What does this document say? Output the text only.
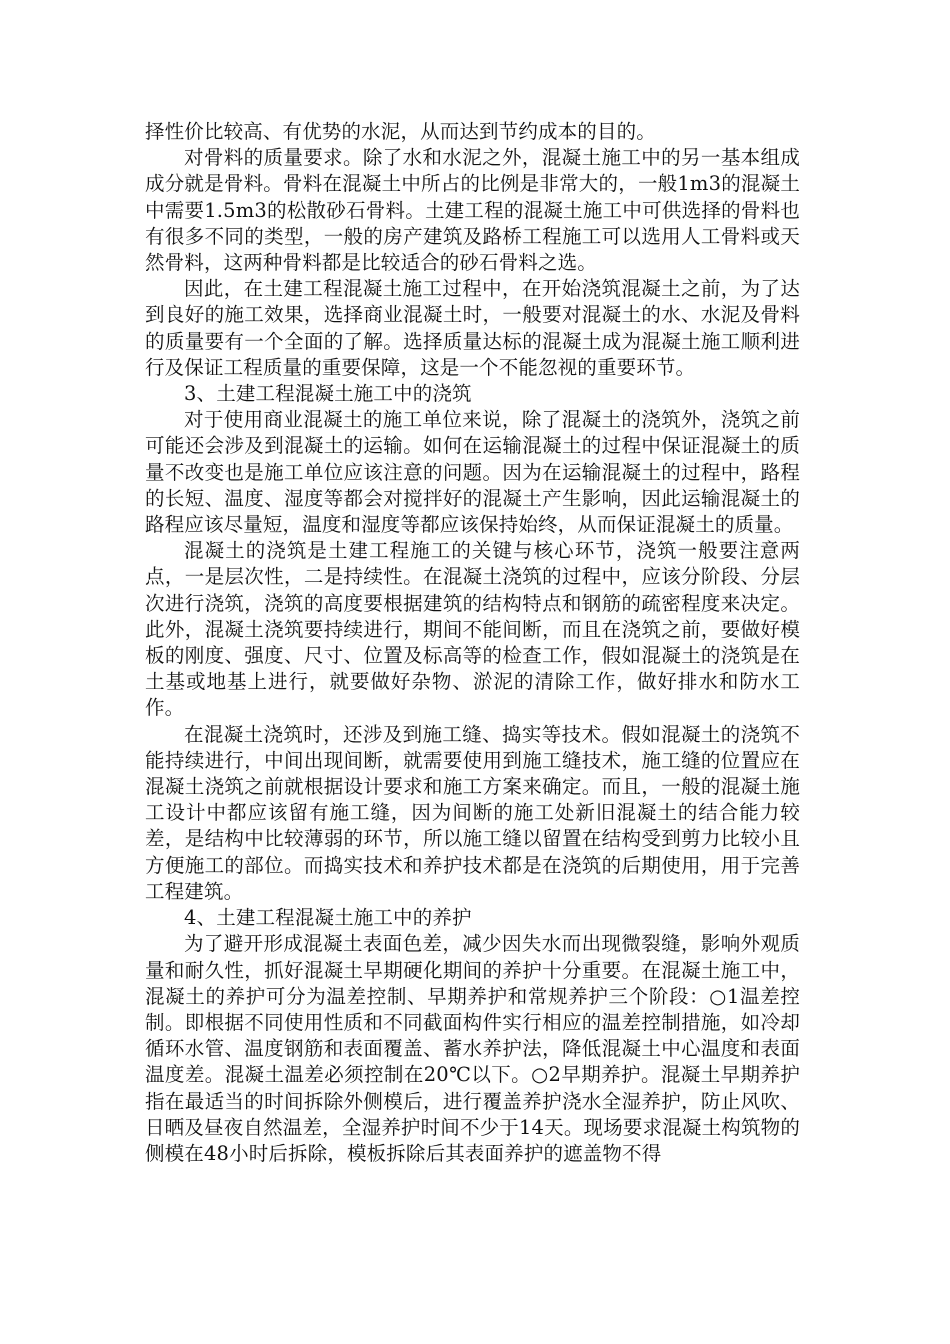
择性价比较高、有优势的水泥，从而达到节约成本的目的。

对骨料的质量要求。除了水和水泥之外，混凝土施工中的另一基本组成成分就是骨料。骨料在混凝土中所占的比例是非常大的，一般1m3的混凝土中需要1.5m3的松散砂石骨料。土建工程的混凝土施工中可供选择的骨料也有很多不同的类型，一般的房产建筑及路桥工程施工可以选用人工骨料或天然骨料，这两种骨料都是比较适合的砂石骨料之选。

因此，在土建工程混凝土施工过程中，在开始浇筑混凝土之前，为了达到良好的施工效果，选择商业混凝土时，一般要对混凝土的水、水泥及骨料的质量要有一个全面的了解。选择质量达标的混凝土成为混凝土施工顺利进行及保证工程质量的重要保障，这是一个不能忽视的重要环节。

3、土建工程混凝土施工中的浇筑

对于使用商业混凝土的施工单位来说，除了混凝土的浇筑外，浇筑之前可能还会涉及到混凝土的运输。如何在运输混凝土的过程中保证混凝土的质量不改变也是施工单位应该注意的问题。因为在运输混凝土的过程中，路程的长短、温度、湿度等都会对搅拌好的混凝土产生影响，因此运输混凝土的路程应该尽量短，温度和湿度等都应该保持始终，从而保证混凝土的质量。

混凝土的浇筑是土建工程施工的关键与核心环节，浇筑一般要注意两点，一是层次性，二是持续性。在混凝土浇筑的过程中，应该分阶段、分层次进行浇筑，浇筑的高度要根据建筑的结构特点和钢筋的疏密程度来决定。此外，混凝土浇筑要持续进行，期间不能间断，而且在浇筑之前，要做好模板的刚度、强度、尺寸、位置及标高等的检查工作，假如混凝土的浇筑是在土基或地基上进行，就要做好杂物、淤泥的清除工作，做好排水和防水工作。

在混凝土浇筑时，还涉及到施工缝、捣实等技术。假如混凝土的浇筑不能持续进行，中间出现间断，就需要使用到施工缝技术，施工缝的位置应在混凝土浇筑之前就根据设计要求和施工方案来确定。而且，一般的混凝土施工设计中都应该留有施工缝，因为间断的施工处新旧混凝土的结合能力较差，是结构中比较薄弱的环节，所以施工缝以留置在结构受到剪力比较小且方便施工的部位。而捣实技术和养护技术都是在浇筑的后期使用，用于完善工程建筑。

4、土建工程混凝土施工中的养护

为了避开形成混凝土表面色差，减少因失水而出现微裂缝，影响外观质量和耐久性，抓好混凝土早期硬化期间的养护十分重要。在混凝土施工中，混凝土的养护可分为温差控制、早期养护和常规养护三个阶段：○1温差控制。即根据不同使用性质和不同截面构件实行相应的温差控制措施，如冷却循环水管、温度钢筋和表面覆盖、蓄水养护法，降低混凝土中心温度和表面温度差。混凝土温差必须控制在20℃以下。○2早期养护。混凝土早期养护指在最适当的时间拆除外侧模后，进行覆盖养护浇水全湿养护，防止风吹、日晒及昼夜自然温差，全湿养护时间不少于14天。现场要求混凝土构筑物的侧模在48小时后拆除，模板拆除后其表面养护的遮盖物不得
